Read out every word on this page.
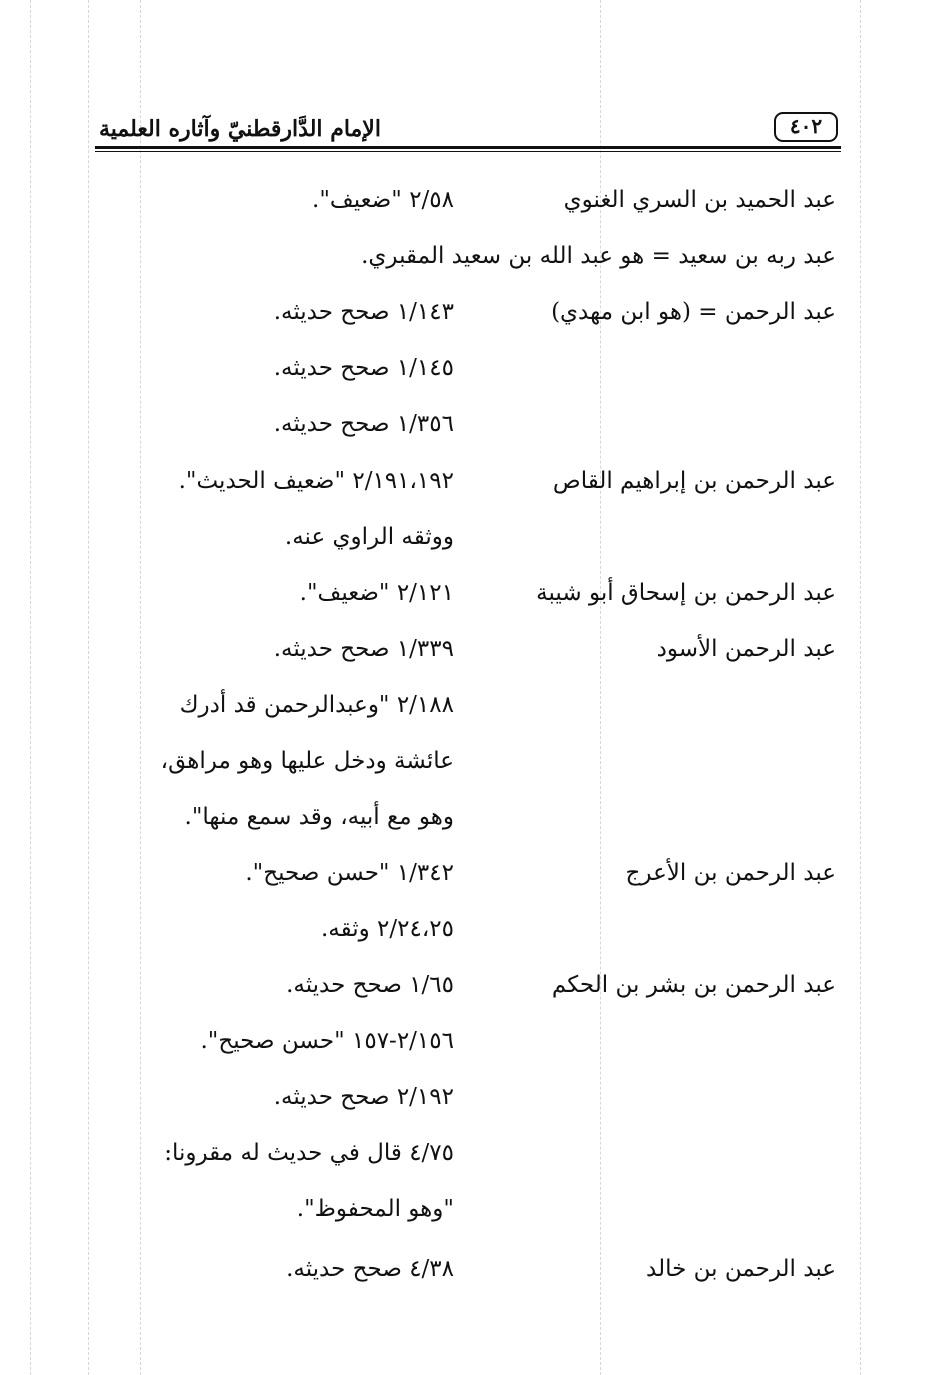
٤٠٢
الإمام الدَّارقطنيّ وآثاره العلمية
عبد الحميد بن السري الغنوي
٢/٥٨ "ضعيف".
عبد ربه بن سعيد = هو عبد الله بن سعيد المقبري.
عبد الرحمن = (هو ابن مهدي)
١/١٤٣ صحح حديثه.
١/١٤٥ صحح حديثه.
١/٣٥٦ صحح حديثه.
عبد الرحمن بن إبراهيم القاص
٢/١٩١،١٩٢ "ضعيف الحديث".
ووثقه الراوي عنه.
عبد الرحمن بن إسحاق أبو شيبة
٢/١٢١ "ضعيف".
عبد الرحمن الأسود
١/٣٣٩ صحح حديثه.
٢/١٨٨ "وعبدالرحمن قد أدرك
عائشة ودخل عليها وهو مراهق،
وهو مع أبيه، وقد سمع منها".
عبد الرحمن بن الأعرج
١/٣٤٢ "حسن صحيح".
٢/٢٤،٢٥ وثقه.
عبد الرحمن بن بشر بن الحكم
١/٦٥ صحح حديثه.
٢/١٥٦-١٥٧ "حسن صحيح".
٢/١٩٢ صحح حديثه.
٤/٧٥ قال في حديث له مقرونا:
"وهو المحفوظ".
عبد الرحمن بن خالد
٤/٣٨ صحح حديثه.
